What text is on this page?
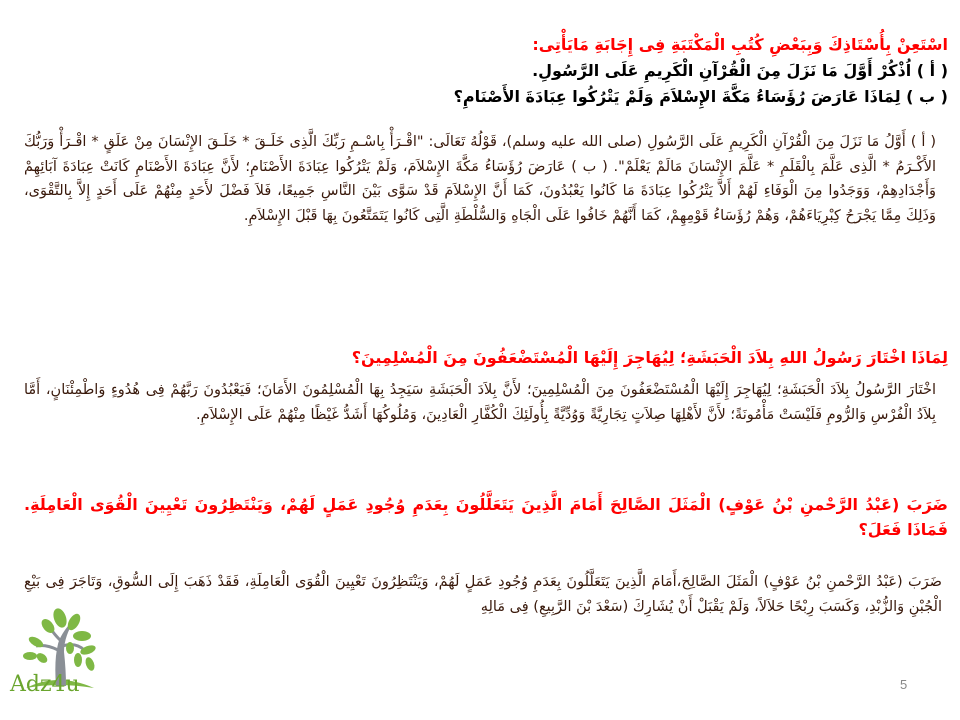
اسْتَعِنْ بِأُسْتَاذِكَ وَبِبَعْضِ كُتُبِ الْمَكْتَبَةِ فِى إِجَابَةِ مَايَأْتِى:
( أ ) اُذْكُرْ أَوَّلَ مَا نَزَلَ مِنَ الْقُرْآنِ الْكَرِيمِ عَلَى الرَّسُولِ.
( ب ) لِمَاذَا عَارَضَ رُؤَسَاءُ مَكَّةَ الإِسْلاَمَ وَلَمْ يَتْرُكُوا عِبَادَةَ الأَصْنَامِ؟
( أ ) أَوَّلُ مَا نَزَلَ مِنَ الْقُرْآنِ الْكَرِيمِ عَلَى الرَّسُولِ (صلى الله عليه وسلم)، قَوْلُهُ تَعَالَى: "اقْـرَأْ بِاسْـمِ رَبِّكَ الَّذِى خَلَـقَ * خَلَـقَ الإِنْسَانَ مِنْ عَلَقٍ * اقْـرَأْ وَرَبُّكَ الأَكْـرَمُ * الَّذِى عَلَّمَ بِالْقَلَمِ * عَلَّمَ الإِنْسَانَ مَالَمْ يَعْلَمْ". ( ب ) عَارَضَ رُؤَسَاءُ مَكَّةَ الإِسْلاَمَ، وَلَمْ يَتْرُكُوا عِبَادَةَ الأَصْنَامِ؛ لأَنَّ عِبَادَةَ الأَصْنَامِ كَانَتْ عِبَادَةَ آبَائِهِمْ وَأَجْدَادِهِمْ، وَوَجَدُوا مِنَ الْوَفَاءِ لَهُمْ أَلاَّ يَتْرُكُوا عِبَادَةَ مَا كَانُوا يَعْبُدُونَ، كَمَا أَنَّ الإِسْلاَمَ قَدْ سَوَّى بَيْنَ النَّاسِ جَمِيعًا، فَلاَ فَضْلَ لأَحَدٍ مِنْهُمْ عَلَى أَحَدٍ إِلاَّ بِالتَّقْوَى، وَذَلِكَ مِمَّا يَجْرَحُ كِبْرِيَاءَهُمْ، وَهُمْ رُؤَسَاءُ قَوْمِهِمْ، كَمَا أَنَّهُمْ خَافُوا عَلَى الْجَاهِ وَالسُّلْطَةِ الَّتِى كَانُوا يَتَمَتَّعُونَ بِهَا قَبْلَ الإِسْلاَمِ.
لِمَاذَا اخْتَارَ رَسُولُ اللهِ بِلاَدَ الْحَبَشَةِ؛ لِيُهَاجِرَ إِلَيْهَا الْمُسْتَضْعَفُونَ مِنَ الْمُسْلِمِينَ؟
اخْتَارَ الرَّسُولُ بِلاَدَ الْحَبَشَةِ؛ لِيُهَاجِرَ إِلَيْهَا الْمُسْتَضْعَفُونَ مِنَ الْمُسْلِمِينَ؛ لأَنَّ بِلاَدَ الْحَبَشَةِ سَيَجِدُ بِهَا الْمُسْلِمُونَ الأَمَانَ؛ فَيَعْبُدُونَ رَبَّهُمْ فِى هُدُوءٍ وَاطْمِئْنَانٍ، أَمَّا بِلاَدُ الْفُرْسِ وَالرُّومِ فَلَيْسَتْ مَأْمُونَةً؛ لأَنَّ لأَهْلِهَا صِلاَتٍ تِجَارِيَّةً وَوُدِّيَّةً بِأُولَئِكَ الْكُفَّارِ الْعَادِينَ، وَمُلُوكُهَا أَشَدُّ غَيْظًا مِنْهُمْ عَلَى الإِسْلاَمِ.
ضَرَبَ (عَبْدُ الرَّحْمنِ بْنُ عَوْفٍ) الْمَثَلَ الصَّالِحَ أَمَامَ الَّذِينَ يَتَعَلَّلُونَ بِعَدَمِ وُجُودِ عَمَلٍ لَهُمْ، وَيَنْتَظِرُونَ تَعْيِينَ الْقُوَى الْعَامِلَةِ. فَمَاذَا فَعَلَ؟
ضَرَبَ (عَبْدُ الرَّحْمنِ بْنُ عَوْفٍ) الْمَثَلَ الصَّالِحَ،أَمَامَ الَّذِينَ يَتَعَلَّلُونَ بِعَدَمِ وُجُودِ عَمَلٍ لَهُمْ، وَيَنْتَظِرُونَ تَعْيِينَ الْقُوَى الْعَامِلَةِ، فَقَدْ ذَهَبَ إِلَى السُّوقِ، وَتَاجَرَ فِى بَيْعِ الْجُبْنِ وَالزُّبْدِ، وَكَسَبَ رِبْحًا حَلاَلاً، وَلَمْ يَقْبَلْ أَنْ يُشَارِكَ (سَعْدَ بْنَ الرَّبِيعِ) فِى مَالِهِ
Adz4u	5
